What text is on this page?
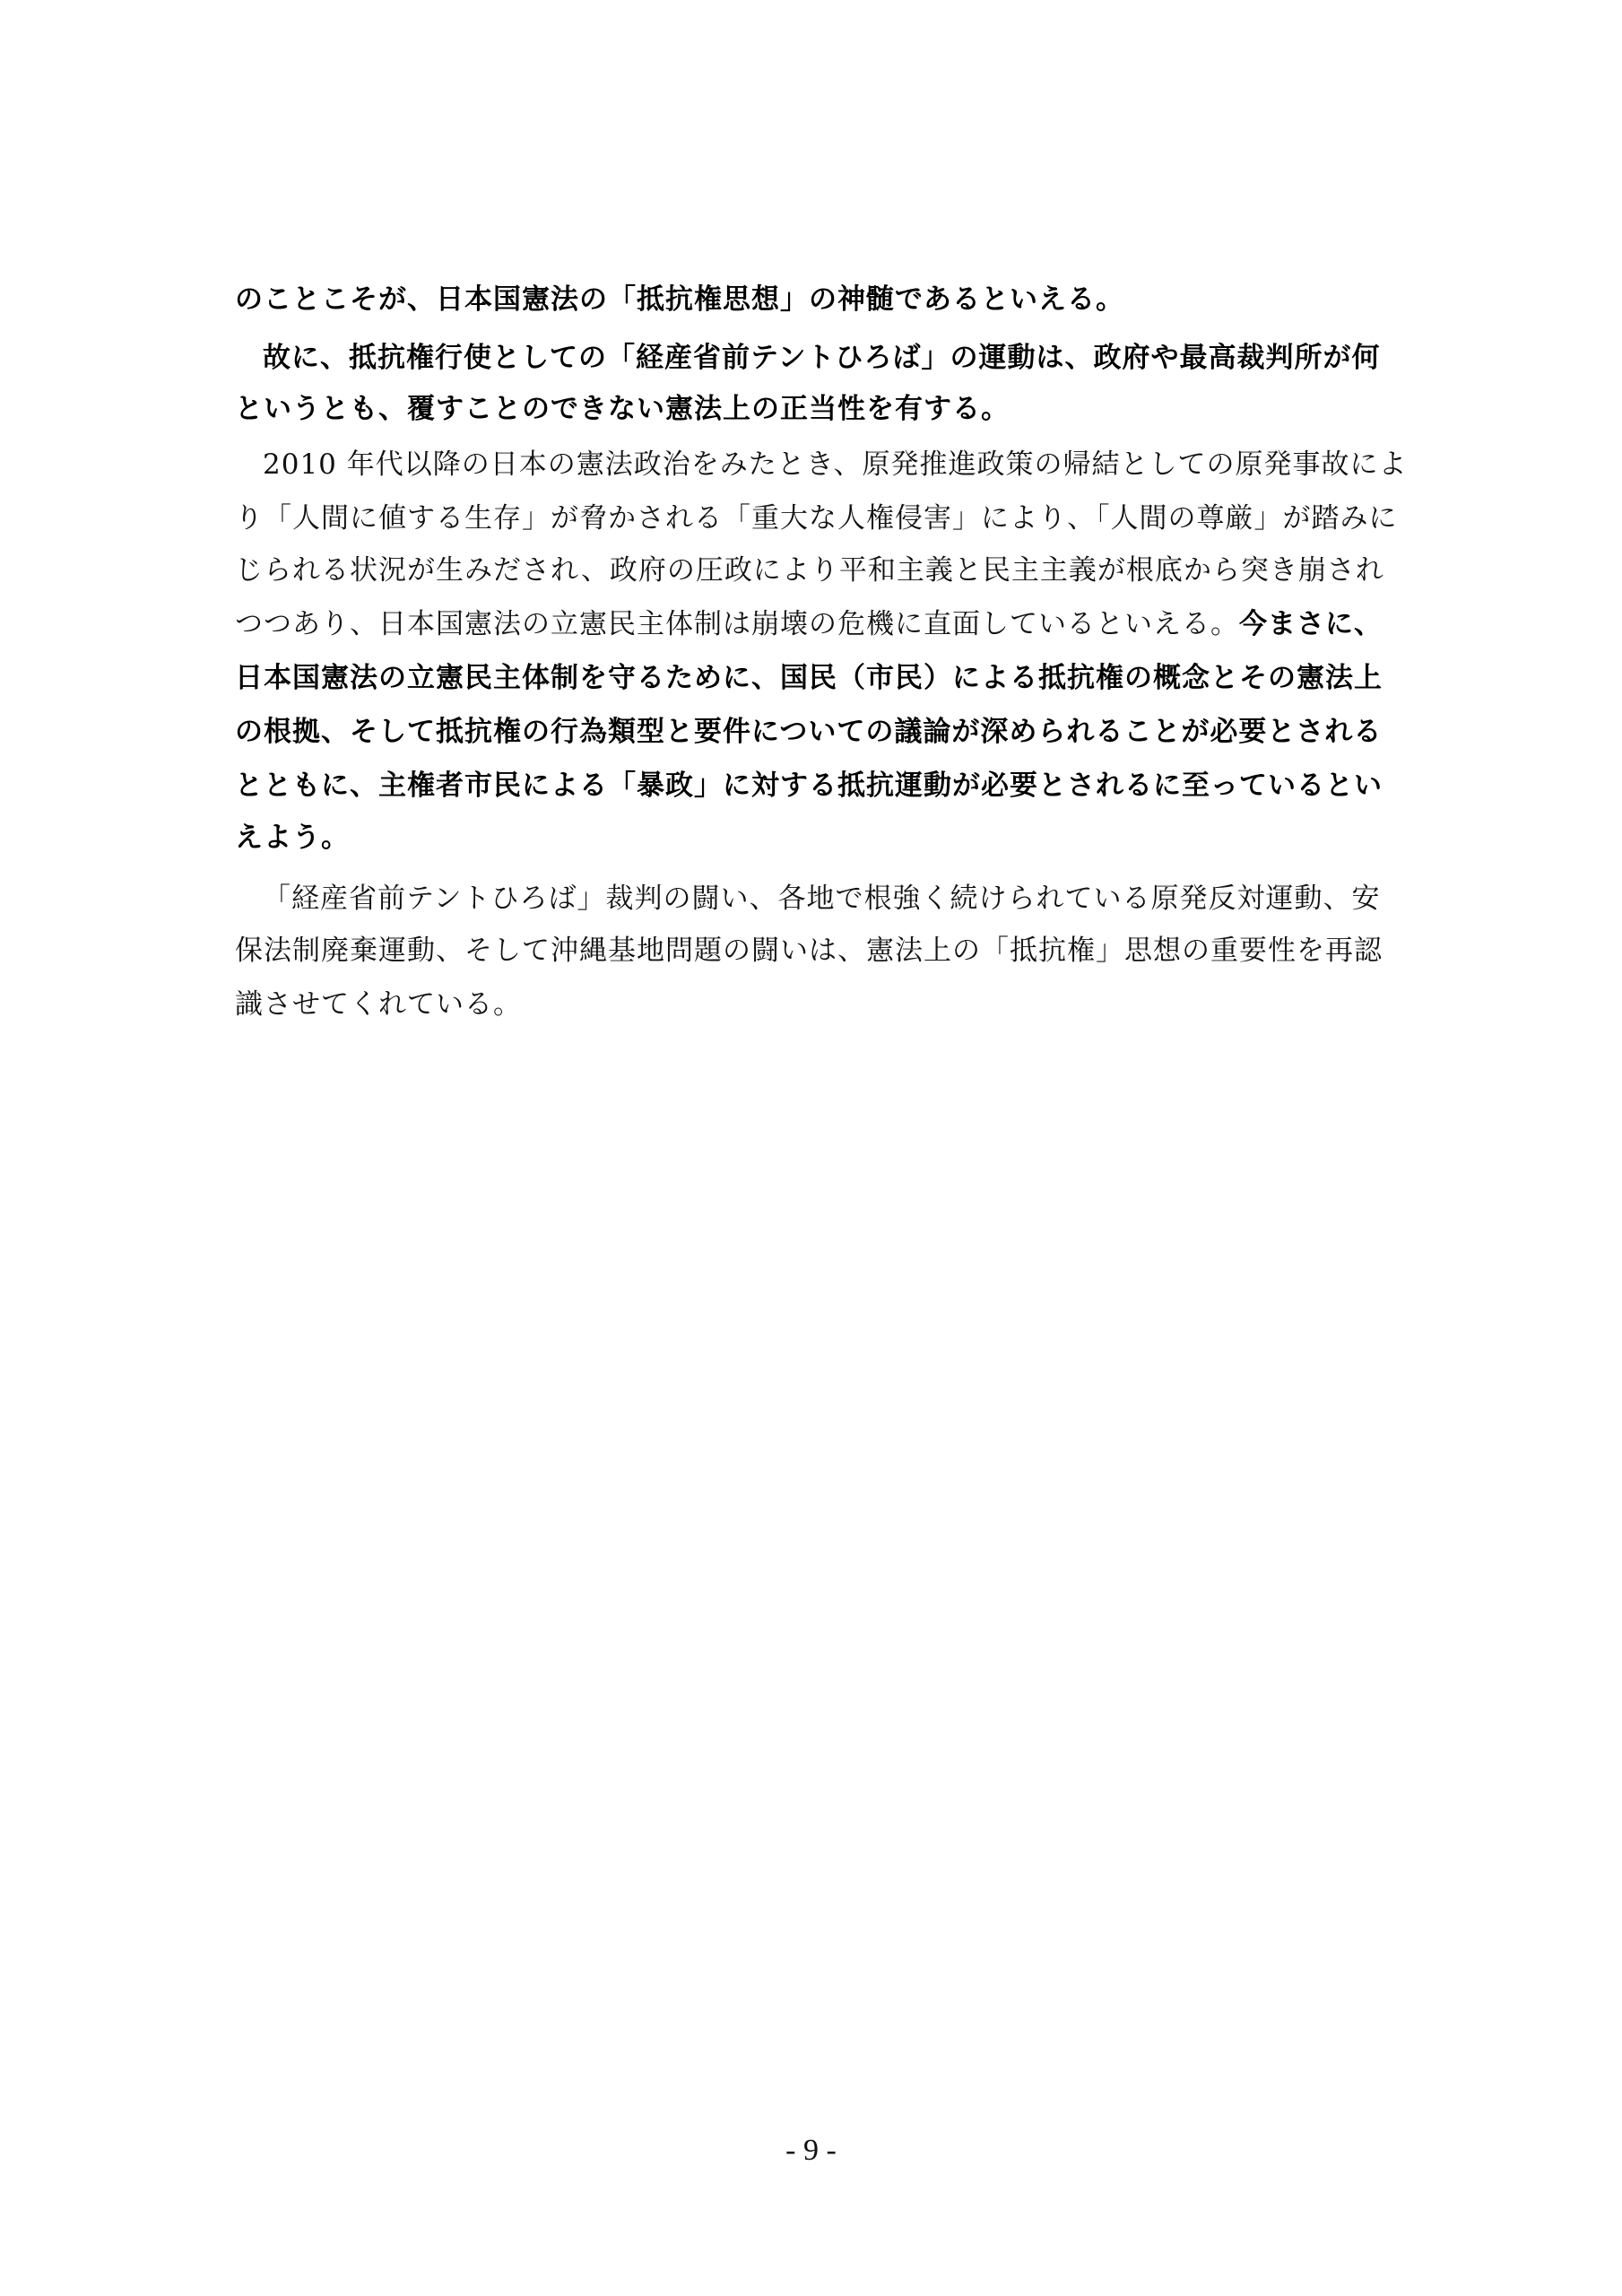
のことこそが、日本国憲法の「抵抗権思想」の神髄であるといえる。
故に、抵抗権行使としての「経産省前テントひろば」の運動は、政府や最高裁判所が何
というとも、覆すことのできない憲法上の正当性を有する。
2010 年代以降の日本の憲法政治をみたとき、原発推進政策の帰結としての原発事故によ
り「人間に値する生存」が脅かされる「重大な人権侵害」により、「人間の尊厳」が踏みに
じられる状況が生みだされ、政府の圧政により平和主義と民主主義が根底から突き崩され
つつあり、日本国憲法の立憲民主体制は崩壊の危機に直面しているといえる。今まさに、
日本国憲法の立憲民主体制を守るために、国民（市民）による抵抗権の概念とその憲法上
の根拠、そして抵抗権の行為類型と要件についての議論が深められることが必要とされる
とともに、主権者市民による「暴政」に対する抵抗運動が必要とされるに至っているとい
えよう。
「経産省前テントひろば」裁判の闘い、各地で根強く続けられている原発反対運動、安
保法制廃棄運動、そして沖縄基地問題の闘いは、憲法上の「抵抗権」思想の重要性を再認
識させてくれている。
- 9 -
